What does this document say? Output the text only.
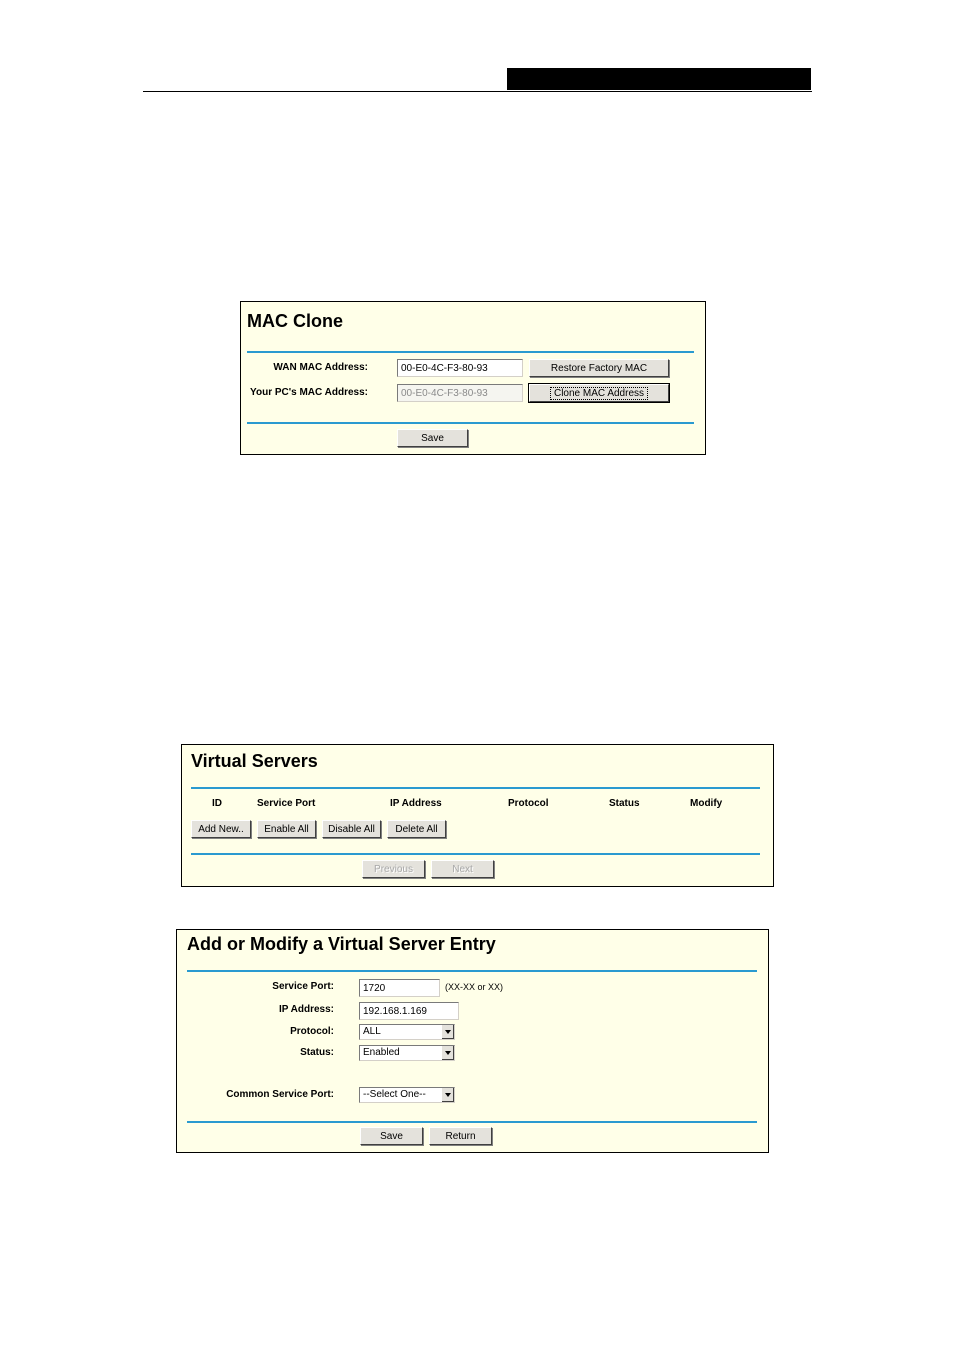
MAC Clone
WAN MAC Address:
00-E0-4C-F3-80-93	Restore Factory MAC
Your PC's MAC Address:
00-E0-4C-F3-80-93	Clone MAC Address
Save
Virtual Servers
ID	Service Port	IP Address	Protocol	Status	Modify
Add New..	Enable All	Disable All	Delete All
Previous	Next
Add or Modify a Virtual Server Entry
Service Port:
1720	(XX-XX or XX)
IP Address:
192.168.1.169
Protocol:	ALL
Status:	Enabled
Common Service Port:	--Select One--
Save	Return
